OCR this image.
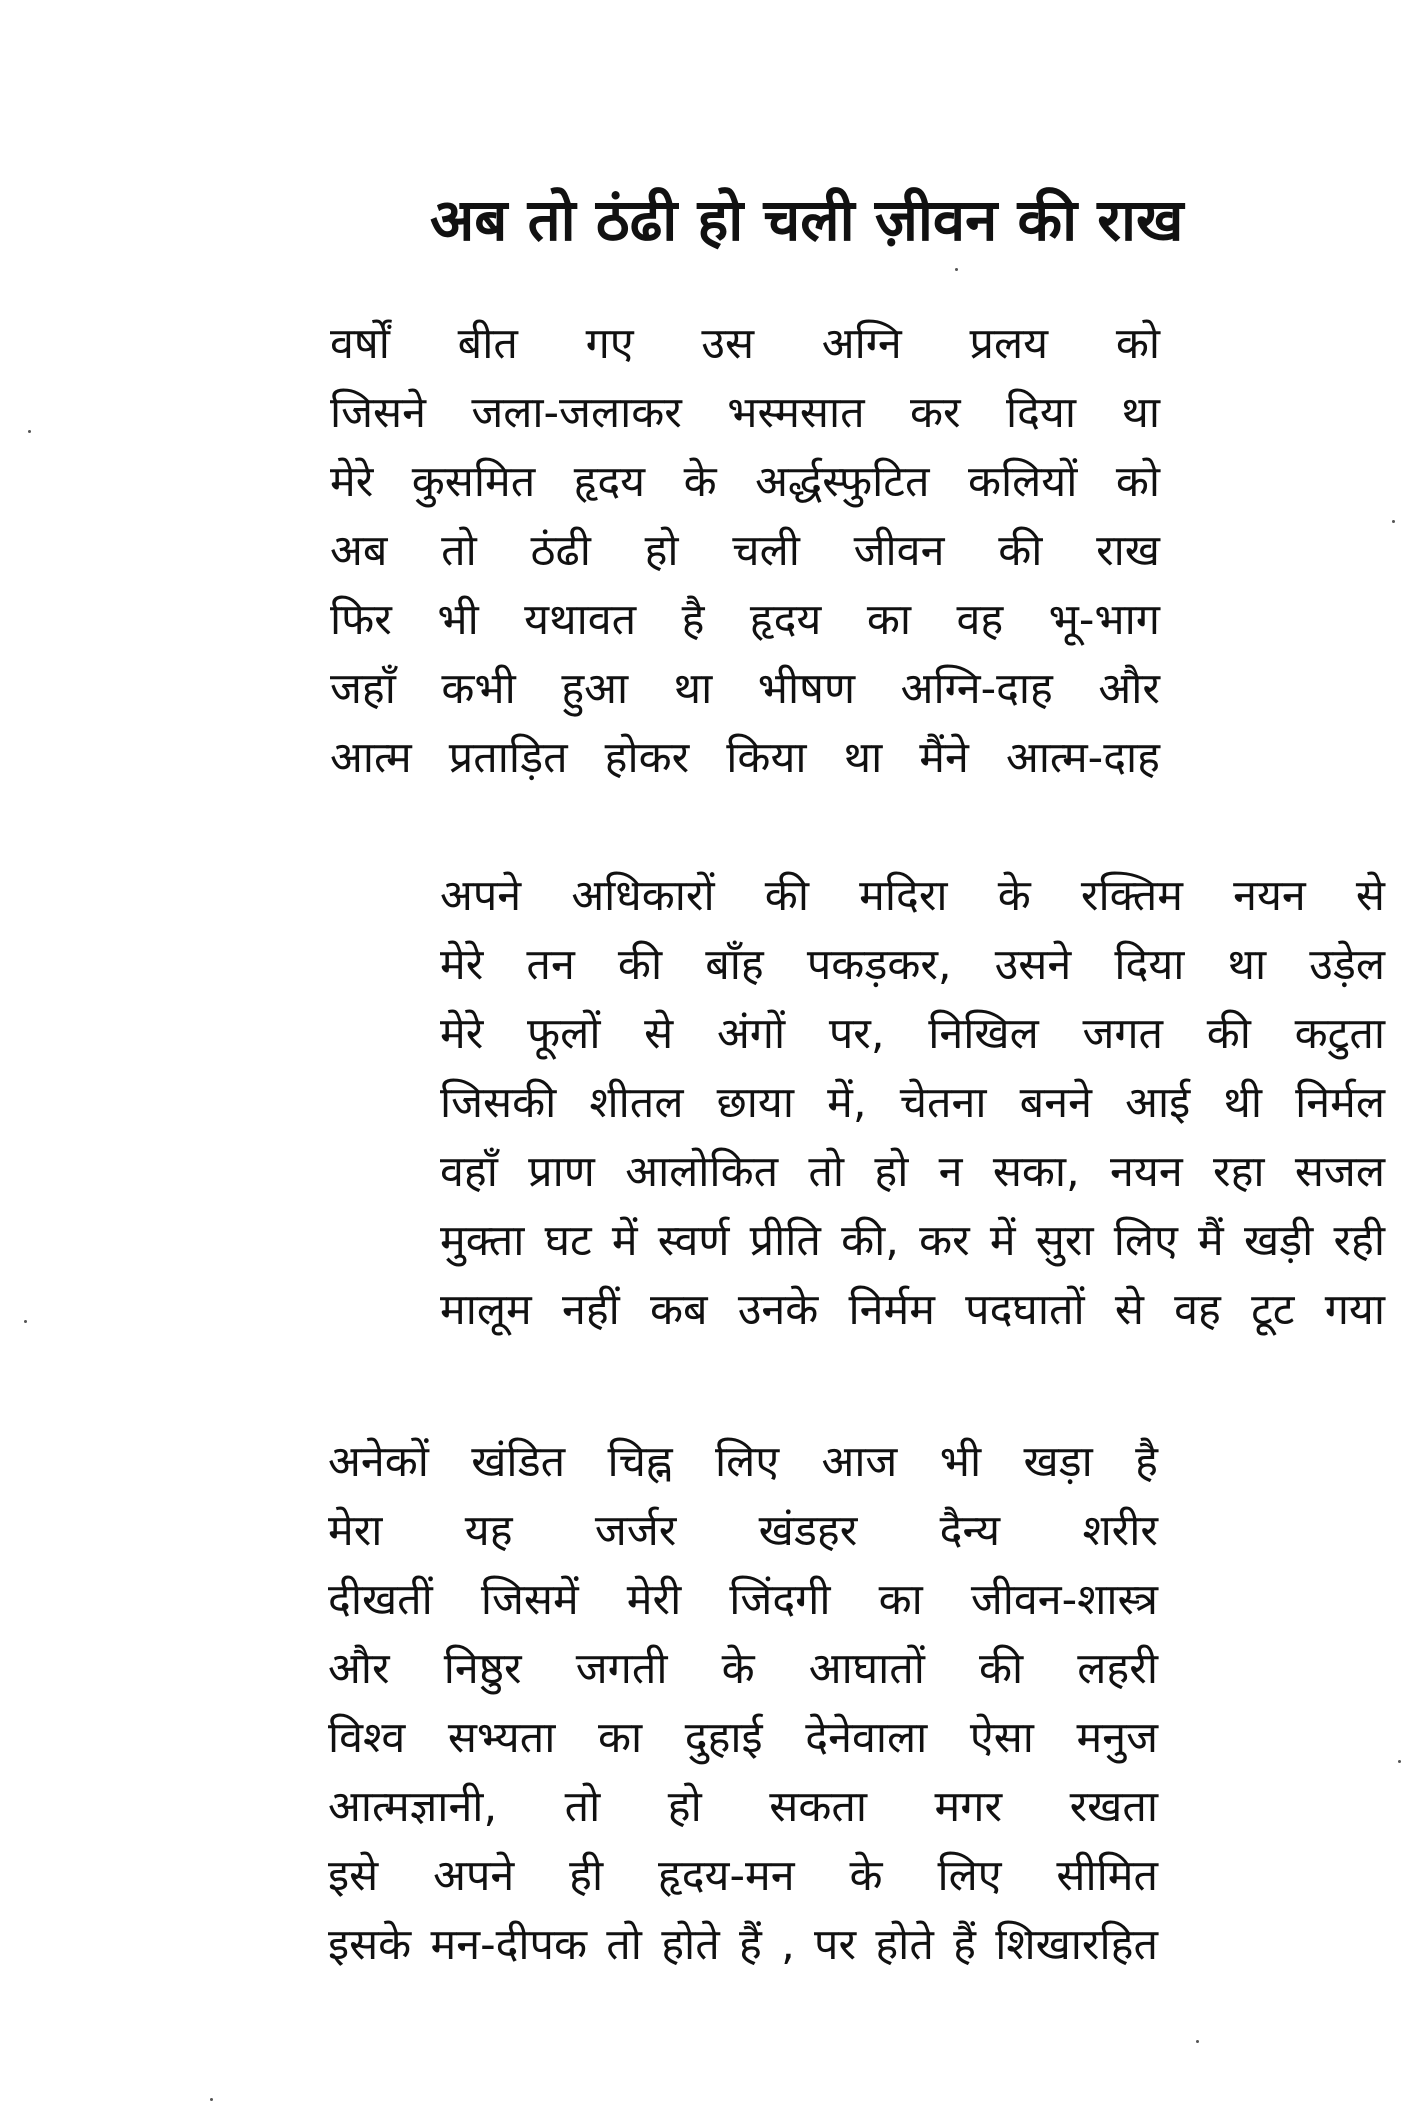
अब तो ठंढी हो चली ज़ीवन की राख
वर्षों बीत गए उस अग्नि प्रलय को
जिसने जला-जलाकर भस्मसात कर दिया था
मेरे कुसमित हृदय के अर्द्धस्फुटित कलियों को
अब तो ठंढी हो चली जीवन की राख
फिर भी यथावत है हृदय का वह भू-भाग
जहाँ कभी हुआ था भीषण अग्नि-दाह और
आत्म प्रताड़ित होकर किया था मैंने आत्म-दाह
अपने अधिकारों की मदिरा के रक्तिम नयन से
मेरे तन की बाँह पकड़कर, उसने दिया था उड़ेल
मेरे फूलों से अंगों पर, निखिल जगत की कटुता
जिसकी शीतल छाया में, चेतना बनने आई थी निर्मल
वहाँ प्राण आलोकित तो हो न सका, नयन रहा सजल
मुक्ता घट में स्वर्ण प्रीति की, कर में सुरा लिए मैं खड़ी रही
मालूम नहीं कब उनके निर्मम पदघातों से वह टूट गया
अनेकों खंडित चिह्न लिए आज भी खड़ा है
मेरा यह जर्जर खंडहर दैन्य शरीर
दीखतीं जिसमें मेरी जिंदगी का जीवन-शास्त्र
और निष्ठुर जगती के आघातों की लहरी
विश्व सभ्यता का दुहाई देनेवाला ऐसा मनुज
आत्मज्ञानी, तो हो सकता मगर रखता
इसे अपने ही हृदय-मन के लिए सीमित
इसके मन-दीपक तो होते हैं , पर होते हैं शिखारहित
